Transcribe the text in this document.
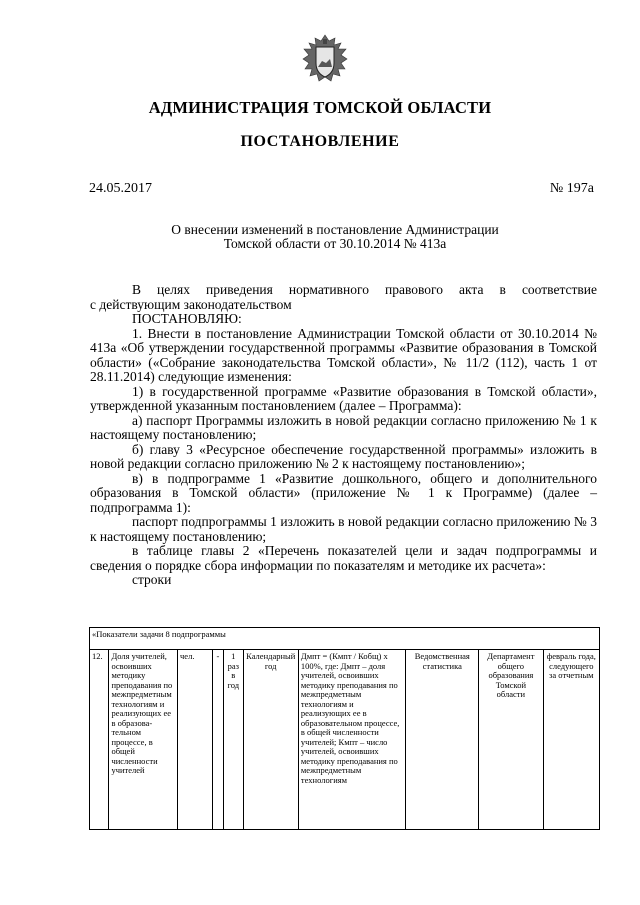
АДМИНИСТРАЦИЯ ТОМСКОЙ ОБЛАСТИ
ПОСТАНОВЛЕНИЕ
24.05.2017	№ 197а
О внесении изменений в постановление Администрации
Томской области от 30.10.2014 № 413а

В целях приведения нормативного правового акта в соответствие

с действующим законодательством

ПОСТАНОВЛЯЮ:

1. Внести в постановление Администрации Томской области от 30.10.2014 № 413а «Об утверждении государственной программы «Развитие образования в Томской области» («Собрание законодательства Томской области», № 11/2 (112), часть 1 от 28.11.2014) следующие изменения:

1) в государственной программе «Развитие образования в Томской области», утвержденной указанным постановлением (далее – Программа):

а) паспорт Программы изложить в новой редакции согласно приложению № 1 к настоящему постановлению;

б) главу 3 «Ресурсное обеспечение государственной программы» изложить в новой редакции согласно приложению № 2 к настоящему постановлению»;

в) в подпрограмме 1 «Развитие дошкольного, общего и дополнительного образования в Томской области» (приложение № 1 к Программе) (далее – подпрограмма 1):

паспорт подпрограммы 1 изложить в новой редакции согласно приложению № 3 к настоящему постановлению;

в таблице главы 2 «Перечень показателей цели и задач подпрограммы и сведения о порядке сбора информации по показателям и методике их расчета»:

строки

«Показатели задачи 8 подпрограммы
12.	Доля учителей, освоивших методику преподавания по межпредметным технологиям и реализующих ее в образова-тельном процессе, в общей численности учителей	чел.	-	1 раз в год	Календарный год	Дмпт = (Кмпт / Кобщ) x 100%, где: Дмпт – доля учителей, освоивших методику преподавания по межпредметным технологиям и реализующих ее в образовательном процессе, в общей численности учителей; Кмпт – число учителей, освоивших методику преподавания по межпредметным технологиям	Ведомственная статистика	Департамент общего образования Томской области	февраль года, следующего за отчетным
